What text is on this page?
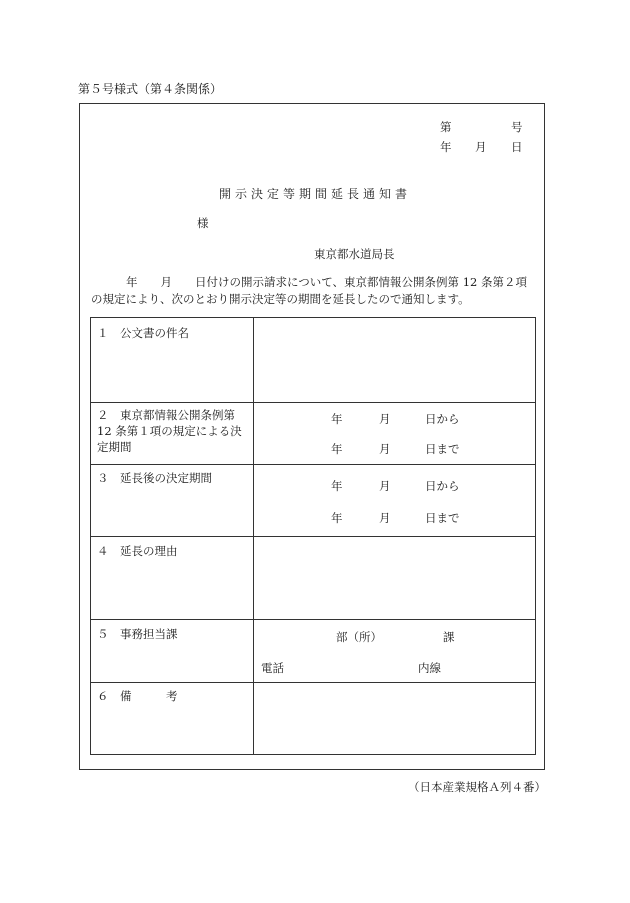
第５号様式（第４条関係）
第	号
年 月 日
開示決定等期間延長通知書
様
東京都水道局長
年　　月　　日付けの開示請求について、東京都情報公開条例第 12 条第２項
の規定により、次のとおり開示決定等の期間を延長したので通知します。
１　公文書の件名
２　東京都情報公開条例第 12 条第１項の規定による決定期間
年	月	日から
年	月	日まで
３　延長後の決定期間
年	月	日から
年	月	日まで
４　延長の理由
５　事務担当課	部（所）	課
電話	内線
６　備　　　考
（日本産業規格Ａ列４番）
